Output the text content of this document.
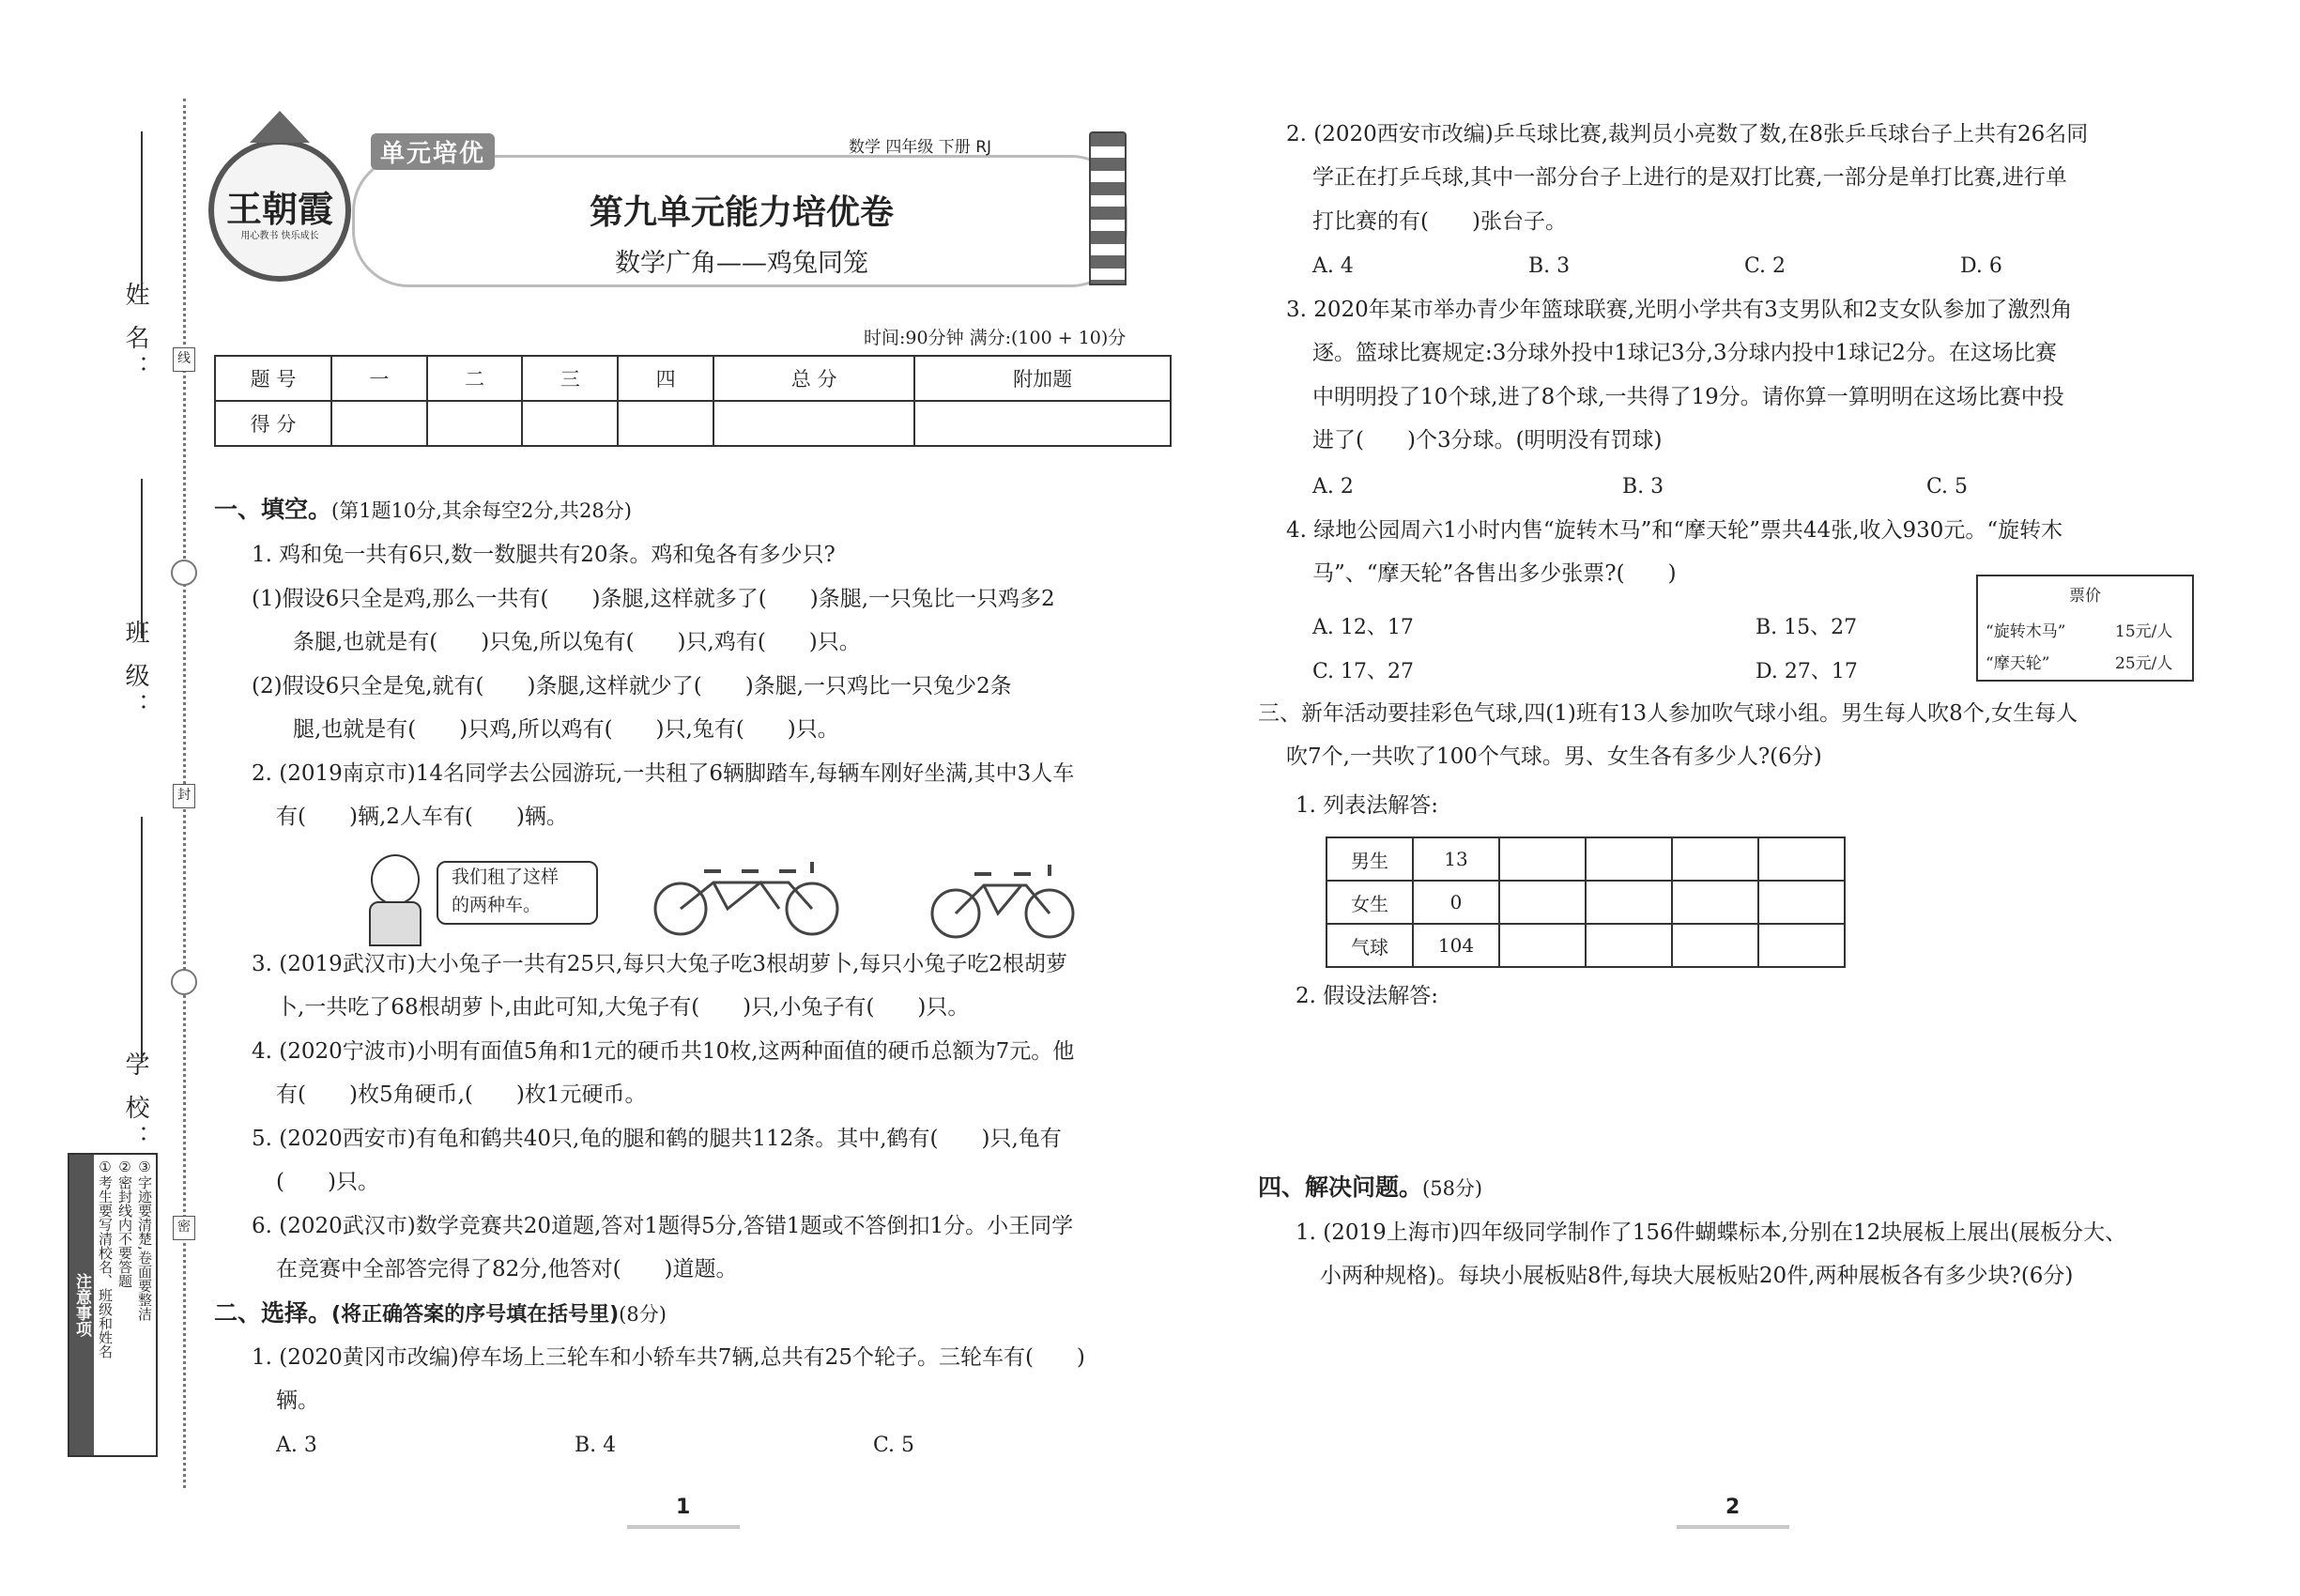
姓 名：
班 级：
学 校：
线
封
密
注意事项 ①考生要写清校名、班级和姓名 ②密封线内不要答题 ③字迹要清楚,卷面要整洁
王朝霞
用心教书 快乐成长
单元培优	数学 四年级 下册 RJ
第九单元能力培优卷
数学广角——鸡兔同笼
时间:90分钟 满分:(100 + 10)分
题 号	一	二	三	四	总 分	附加题
得 分						
一、填空。(第1题10分,其余每空2分,共28分)
1. 鸡和兔一共有6只,数一数腿共有20条。鸡和兔各有多少只?
(1)假设6只全是鸡,那么一共有(　　)条腿,这样就多了(　　)条腿,一只兔比一只鸡多2
条腿,也就是有(　　)只兔,所以兔有(　　)只,鸡有(　　)只。
(2)假设6只全是兔,就有(　　)条腿,这样就少了(　　)条腿,一只鸡比一只兔少2条
腿,也就是有(　　)只鸡,所以鸡有(　　)只,兔有(　　)只。
2. (2019南京市)14名同学去公园游玩,一共租了6辆脚踏车,每辆车刚好坐满,其中3人车
有(　　)辆,2人车有(　　)辆。
我们租了这样
的两种车。
3. (2019武汉市)大小兔子一共有25只,每只大兔子吃3根胡萝卜,每只小兔子吃2根胡萝
卜,一共吃了68根胡萝卜,由此可知,大兔子有(　　)只,小兔子有(　　)只。
4. (2020宁波市)小明有面值5角和1元的硬币共10枚,这两种面值的硬币总额为7元。他
有(　　)枚5角硬币,(　　)枚1元硬币。
5. (2020西安市)有龟和鹤共40只,龟的腿和鹤的腿共112条。其中,鹤有(　　)只,龟有
(　　)只。
6. (2020武汉市)数学竞赛共20道题,答对1题得5分,答错1题或不答倒扣1分。小王同学
在竞赛中全部答完得了82分,他答对(　　)道题。
二、选择。(将正确答案的序号填在括号里)(8分)
1. (2020黄冈市改编)停车场上三轮车和小轿车共7辆,总共有25个轮子。三轮车有(　　)
辆。
A. 3	B. 4	C. 5
1
2. (2020西安市改编)乒乓球比赛,裁判员小亮数了数,在8张乒乓球台子上共有26名同
学正在打乒乓球,其中一部分台子上进行的是双打比赛,一部分是单打比赛,进行单
打比赛的有(　　)张台子。
A. 4	B. 3	C. 2	D. 6
3. 2020年某市举办青少年篮球联赛,光明小学共有3支男队和2支女队参加了激烈角
逐。篮球比赛规定:3分球外投中1球记3分,3分球内投中1球记2分。在这场比赛
中明明投了10个球,进了8个球,一共得了19分。请你算一算明明在这场比赛中投
进了(　　)个3分球。(明明没有罚球)
A. 2	B. 3	C. 5
4. 绿地公园周六1小时内售“旋转木马”和“摩天轮”票共44张,收入930元。“旋转木
马”、“摩天轮”各售出多少张票?(　　)
A. 12、17	B. 15、27
C. 17、27	D. 27、17
票价
“旋转木马”	15元/人
“摩天轮”	25元/人
三、新年活动要挂彩色气球,四(1)班有13人参加吹气球小组。男生每人吹8个,女生每人
吹7个,一共吹了100个气球。男、女生各有多少人?(6分)
1. 列表法解答:
男生	13				
女生	0				
气球	104				
2. 假设法解答:
四、解决问题。(58分)
1. (2019上海市)四年级同学制作了156件蝴蝶标本,分别在12块展板上展出(展板分大、
小两种规格)。每块小展板贴8件,每块大展板贴20件,两种展板各有多少块?(6分)
2
